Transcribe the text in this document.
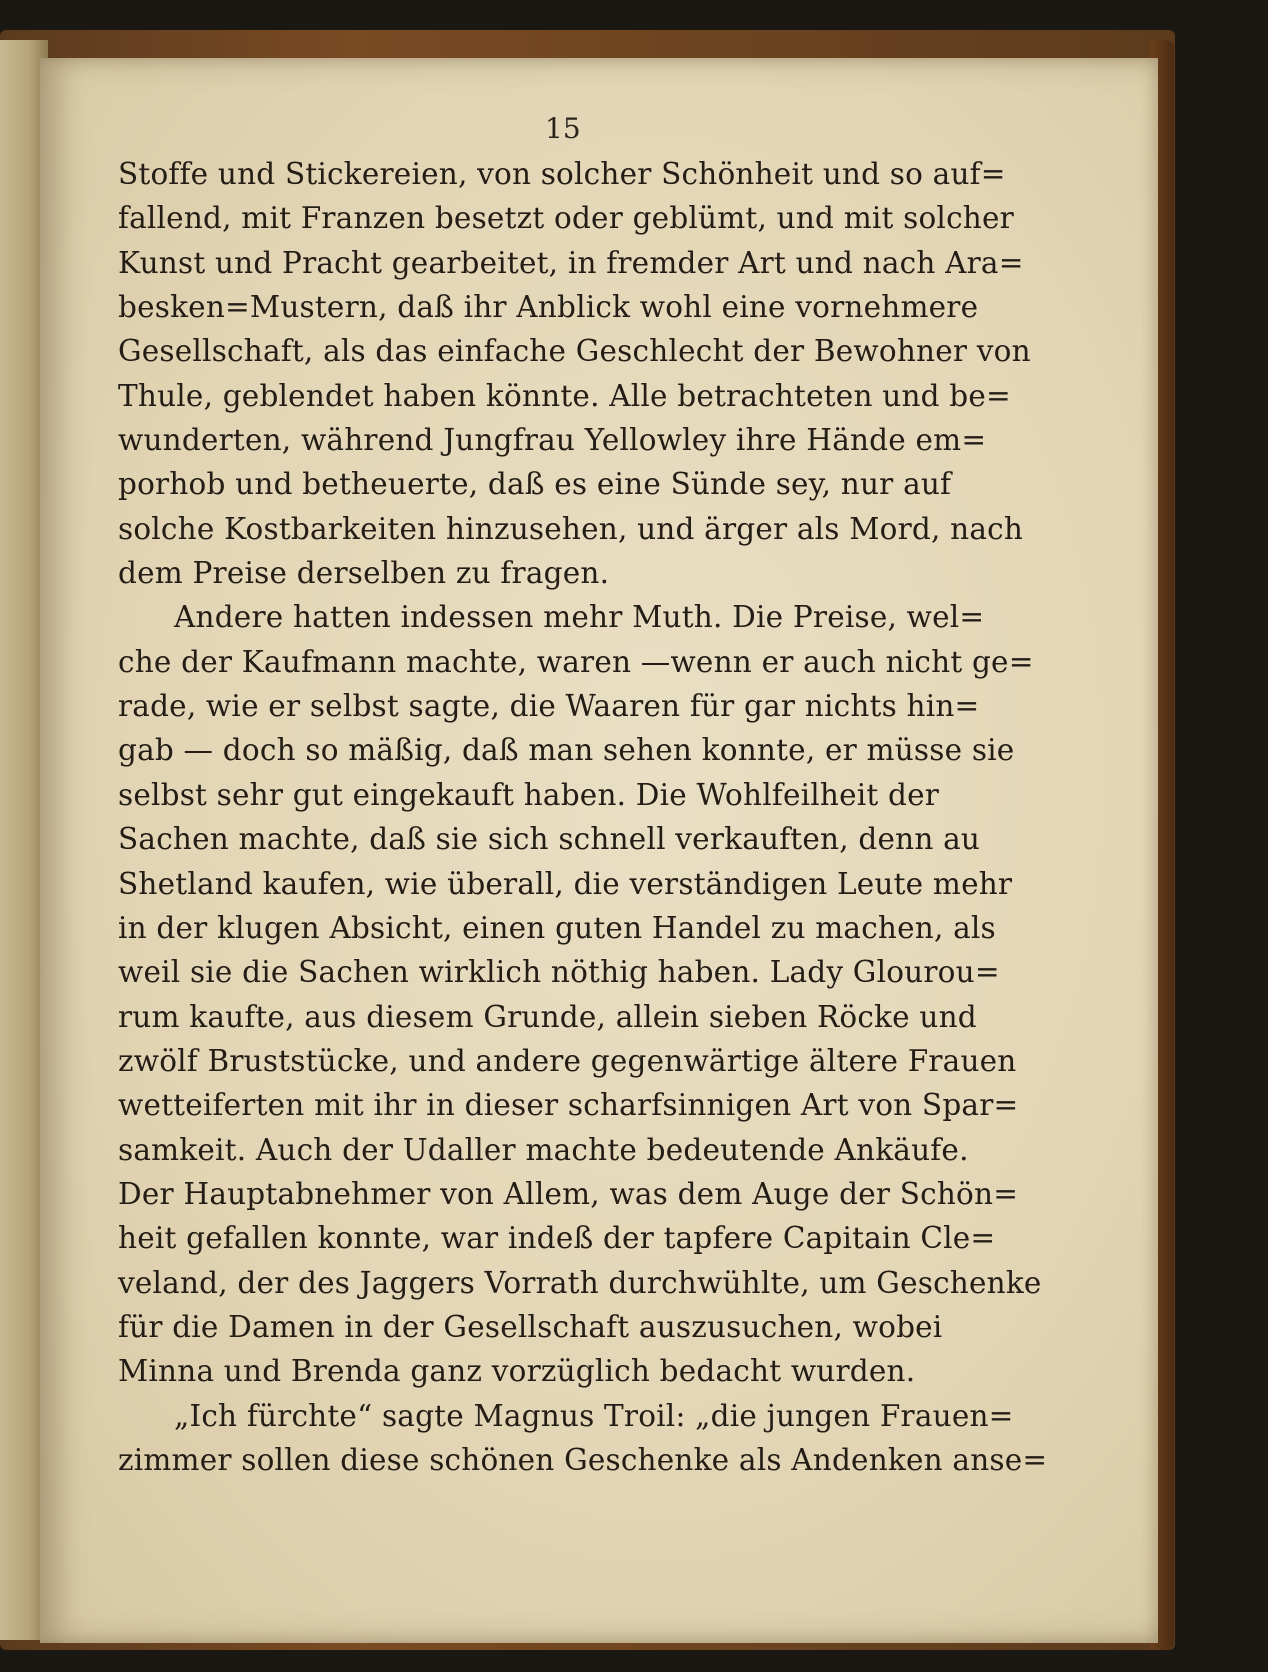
15
Stoffe und Stickereien, von solcher Schönheit und so auf=
fallend, mit Franzen besetzt oder geblümt, und mit solcher
Kunst und Pracht gearbeitet, in fremder Art und nach Ara=
besken=Mustern, daß ihr Anblick wohl eine vornehmere
Gesellschaft, als das einfache Geschlecht der Bewohner von
Thule, geblendet haben könnte. Alle betrachteten und be=
wunderten, während Jungfrau Yellowley ihre Hände em=
porhob und betheuerte, daß es eine Sünde sey, nur auf
solche Kostbarkeiten hinzusehen, und ärger als Mord, nach
dem Preise derselben zu fragen.
Andere hatten indessen mehr Muth. Die Preise, wel=
che der Kaufmann machte, waren —wenn er auch nicht ge=
rade, wie er selbst sagte, die Waaren für gar nichts hin=
gab — doch so mäßig, daß man sehen konnte, er müsse sie
selbst sehr gut eingekauft haben. Die Wohlfeilheit der
Sachen machte, daß sie sich schnell verkauften, denn au
Shetland kaufen, wie überall, die verständigen Leute mehr
in der klugen Absicht, einen guten Handel zu machen, als
weil sie die Sachen wirklich nöthig haben. Lady Glourou=
rum kaufte, aus diesem Grunde, allein sieben Röcke und
zwölf Bruststücke, und andere gegenwärtige ältere Frauen
wetteiferten mit ihr in dieser scharfsinnigen Art von Spar=
samkeit. Auch der Udaller machte bedeutende Ankäufe.
Der Hauptabnehmer von Allem, was dem Auge der Schön=
heit gefallen konnte, war indeß der tapfere Capitain Cle=
veland, der des Jaggers Vorrath durchwühlte, um Geschenke
für die Damen in der Gesellschaft auszusuchen, wobei
Minna und Brenda ganz vorzüglich bedacht wurden.
„Ich fürchte“ sagte Magnus Troil: „die jungen Frauen=
zimmer sollen diese schönen Geschenke als Andenken anse=
